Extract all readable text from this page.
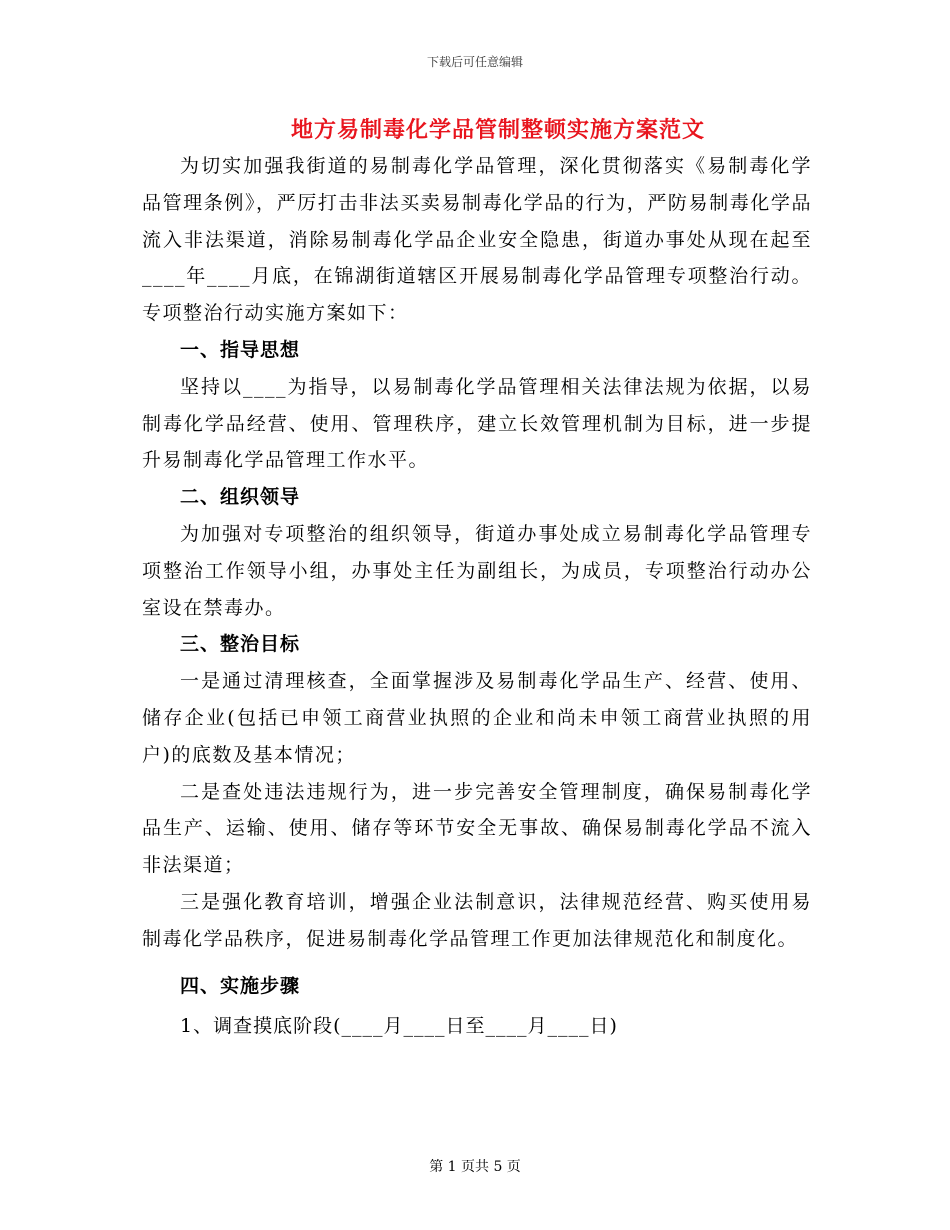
下载后可任意编辑
地方易制毒化学品管制整顿实施方案范文

为切实加强我街道的易制毒化学品管理，深化贯彻落实《易制毒化学品管理条例》，严厉打击非法买卖易制毒化学品的行为，严防易制毒化学品流入非法渠道，消除易制毒化学品企业安全隐患，街道办事处从现在起至____年____月底，在锦湖街道辖区开展易制毒化学品管理专项整治行动。专项整治行动实施方案如下：

一、指导思想

坚持以____为指导，以易制毒化学品管理相关法律法规为依据，以易制毒化学品经营、使用、管理秩序，建立长效管理机制为目标，进一步提升易制毒化学品管理工作水平。

二、组织领导

为加强对专项整治的组织领导，街道办事处成立易制毒化学品管理专项整治工作领导小组，办事处主任为副组长，为成员，专项整治行动办公室设在禁毒办。

三、整治目标

一是通过清理核查，全面掌握涉及易制毒化学品生产、经营、使用、储存企业(包括已申领工商营业执照的企业和尚未申领工商营业执照的用户)的底数及基本情况；

二是查处违法违规行为，进一步完善安全管理制度，确保易制毒化学品生产、运输、使用、储存等环节安全无事故、确保易制毒化学品不流入非法渠道；

三是强化教育培训，增强企业法制意识，法律规范经营、购买使用易制毒化学品秩序，促进易制毒化学品管理工作更加法律规范化和制度化。

四、实施步骤

1、调查摸底阶段(____月____日至____月____日)

第 1 页共 5 页
